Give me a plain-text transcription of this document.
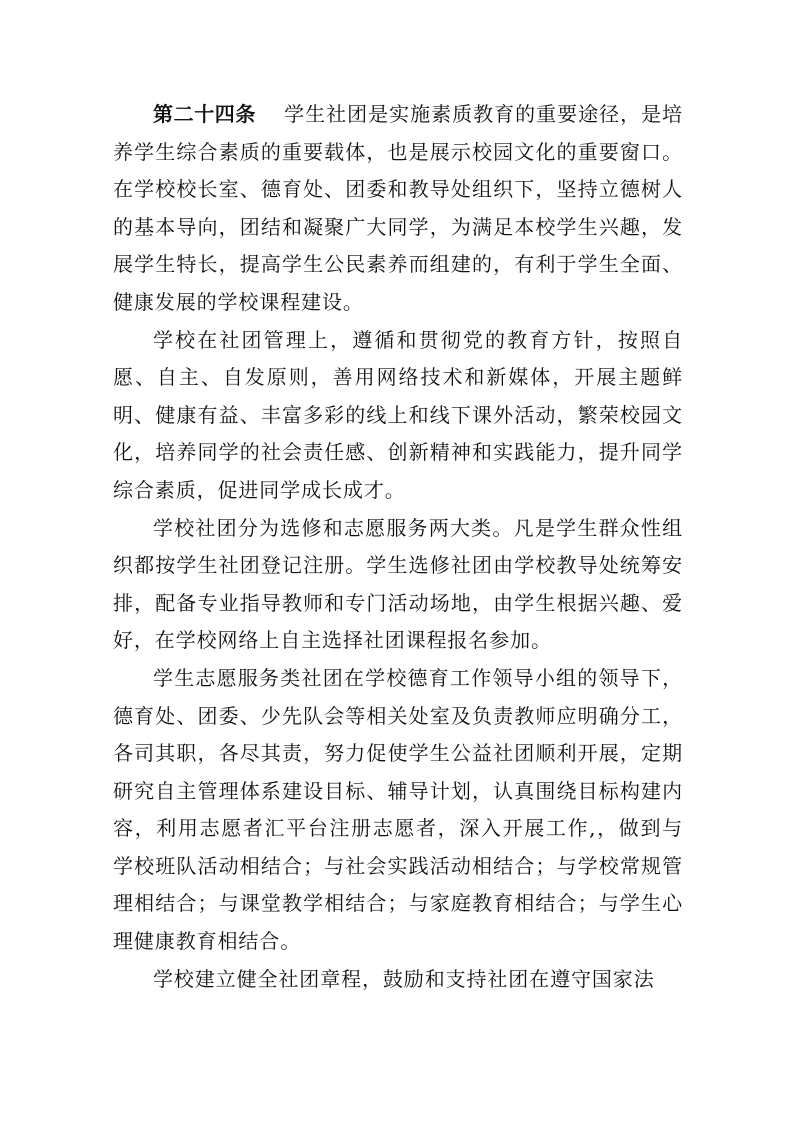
第二十四条 学生社团是实施素质教育的重要途径，是培养学生综合素质的重要载体，也是展示校园文化的重要窗口。在学校校长室、德育处、团委和教导处组织下，坚持立德树人的基本导向，团结和凝聚广大同学，为满足本校学生兴趣，发展学生特长，提高学生公民素养而组建的，有利于学生全面、健康发展的学校课程建设。

学校在社团管理上，遵循和贯彻党的教育方针，按照自愿、自主、自发原则，善用网络技术和新媒体，开展主题鲜明、健康有益、丰富多彩的线上和线下课外活动，繁荣校园文化，培养同学的社会责任感、创新精神和实践能力，提升同学综合素质，促进同学成长成才。

学校社团分为选修和志愿服务两大类。凡是学生群众性组织都按学生社团登记注册。学生选修社团由学校教导处统筹安排，配备专业指导教师和专门活动场地，由学生根据兴趣、爱好，在学校网络上自主选择社团课程报名参加。

学生志愿服务类社团在学校德育工作领导小组的领导下，德育处、团委、少先队会等相关处室及负责教师应明确分工，各司其职，各尽其责，努力促使学生公益社团顺利开展，定期研究自主管理体系建设目标、辅导计划，认真围绕目标构建内容，利用志愿者汇平台注册志愿者，深入开展工作,，做到与学校班队活动相结合；与社会实践活动相结合；与学校常规管理相结合；与课堂教学相结合；与家庭教育相结合；与学生心理健康教育相结合。

学校建立健全社团章程，鼓励和支持社团在遵守国家法
